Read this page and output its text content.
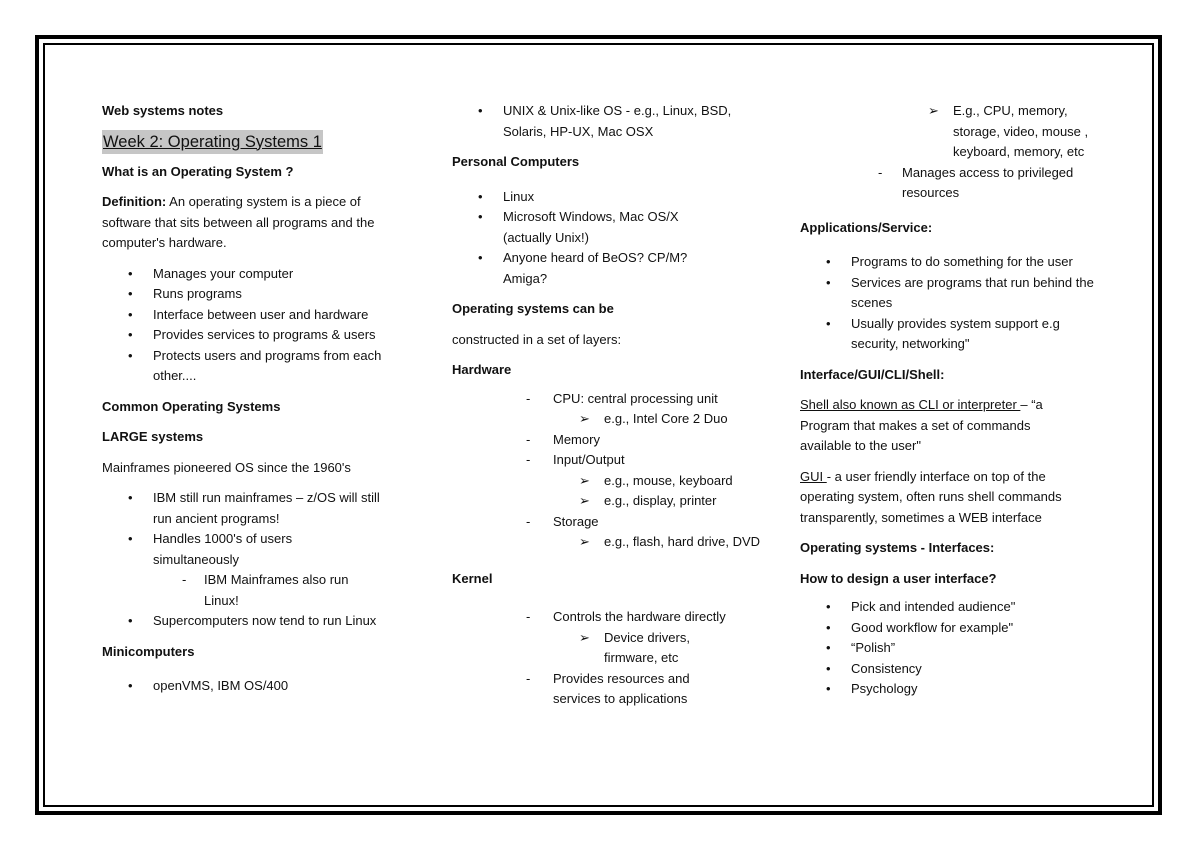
Web systems notes
Week 2: Operating Systems 1
What is an Operating System ?

Definition: An operating system is a piece of software that sits between all programs and the computer's hardware.

• Manages your computer
• Runs programs
• Interface between user and hardware
• Provides services to programs & users
• Protects users and programs from each other....
Common Operating Systems
LARGE systems

Mainframes pioneered OS since the 1960's

• IBM still run mainframes – z/OS will still run ancient programs!
• Handles 1000's of users simultaneously
- IBM Mainframes also run Linux!
• Supercomputers now tend to run Linux
Minicomputers
• openVMS, IBM OS/400
• UNIX & Unix-like OS - e.g., Linux, BSD, Solaris, HP-UX, Mac OSX
Personal Computers
• Linux
• Microsoft Windows, Mac OS/X (actually Unix!)
• Anyone heard of BeOS? CP/M? Amiga?
Operating systems can be

constructed in a set of layers:

Hardware
- CPU: central processing unit
➢ e.g., Intel Core 2 Duo
- Memory
- Input/Output
➢ e.g., mouse, keyboard
➢ e.g., display, printer
- Storage
➢ e.g., flash, hard drive, DVD
Kernel
- Controls the hardware directly
➢ Device drivers, firmware, etc
- Provides resources and services to applications
➢ E.g., CPU, memory, storage, video, mouse , keyboard, memory, etc
- Manages access to privileged resources
Applications/Service:
• Programs to do something for the user
• Services are programs that run behind the scenes
• Usually provides system support e.g security, networking"
Interface/GUI/CLI/Shell:

Shell also known as CLI or interpreter – “a Program that makes a set of commands available to the user"

GUI - a user friendly interface on top of the operating system, often runs shell commands transparently, sometimes a WEB interface

Operating systems - Interfaces:
How to design a user interface?
• Pick and intended audience"
• Good workflow for example"
• “Polish”
• Consistency
• Psychology
